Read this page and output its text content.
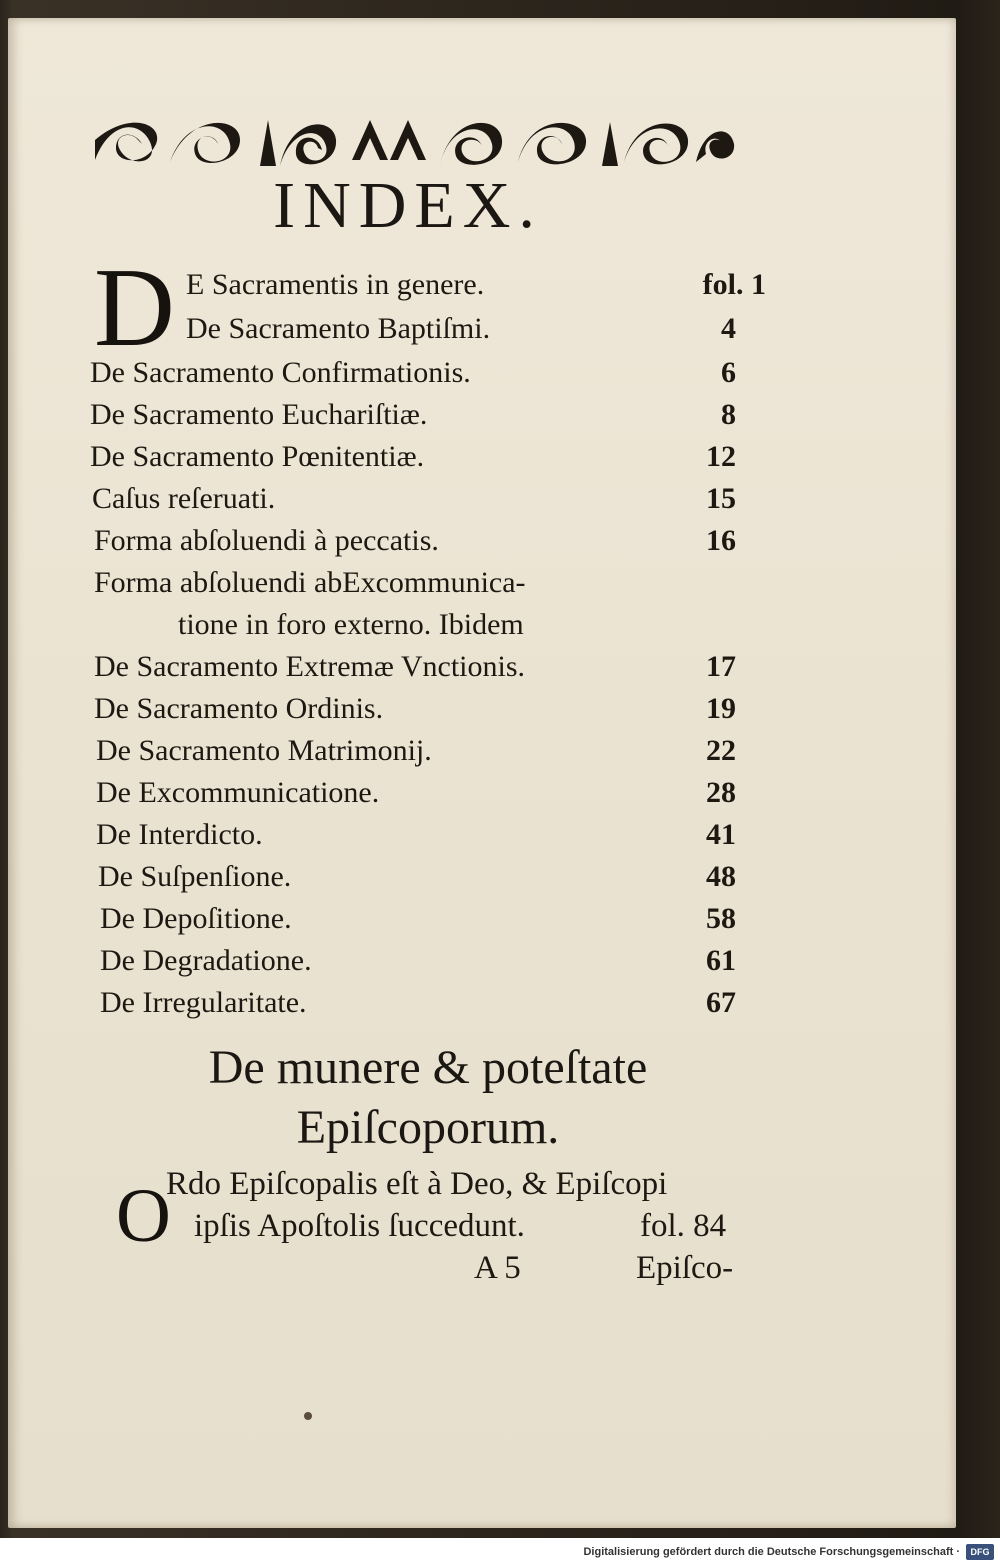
INDEX.
D E Sacramentis in genere.	fol. 1
De Sacramento Baptiſmi.	4
De Sacramento Confirmationis.	6
De Sacramento Euchariſtiæ.	8
De Sacramento Pœnitentiæ.	12
Caſus reſeruati.	15
Forma abſoluendi à peccatis.	16
Forma abſoluendi abExcommunica-
tione in foro externo. Ibidem
De Sacramento Extremæ Vnctionis.	17
De Sacramento Ordinis.	19
De Sacramento Matrimonij.	22
De Excommunicatione.	28
De Interdicto.	41
De Suſpenſione.	48
De Depoſitione.	58
De Degradatione.	61
De Irregularitate.	67
De munere & poteſtate
Epiſcoporum.
O
Rdo Epiſcopalis eſt à Deo, & Epiſcopi
ipſis Apoſtolis ſuccedunt.	fol. 84
A 5	Epiſco-
Digitalisierung gefördert durch die Deutsche Forschungsgemeinschaft ·	DFG
